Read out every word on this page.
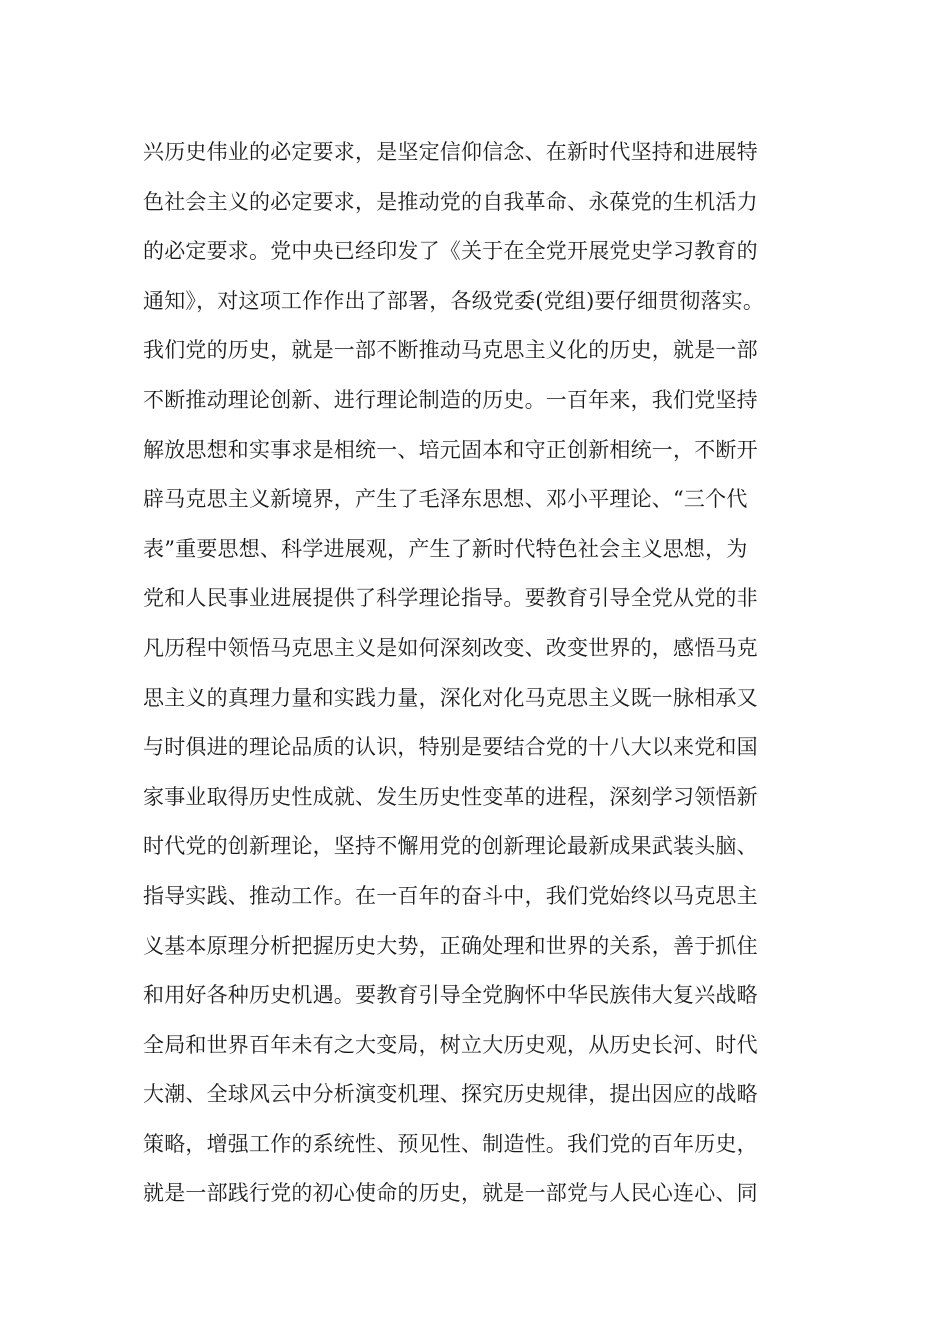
兴历史伟业的必定要求，是坚定信仰信念、在新时代坚持和进展特
色社会主义的必定要求，是推动党的自我革命、永葆党的生机活力
的必定要求。党中央已经印发了《关于在全党开展党史学习教育的
通知》，对这项工作作出了部署，各级党委(党组)要仔细贯彻落实。
我们党的历史，就是一部不断推动马克思主义化的历史，就是一部
不断推动理论创新、进行理论制造的历史。一百年来，我们党坚持
解放思想和实事求是相统一、培元固本和守正创新相统一，不断开
辟马克思主义新境界，产生了毛泽东思想、邓小平理论、“三个代
表”重要思想、科学进展观，产生了新时代特色社会主义思想，为
党和人民事业进展提供了科学理论指导。要教育引导全党从党的非
凡历程中领悟马克思主义是如何深刻改变、改变世界的，感悟马克
思主义的真理力量和实践力量，深化对化马克思主义既一脉相承又
与时俱进的理论品质的认识，特别是要结合党的十八大以来党和国
家事业取得历史性成就、发生历史性变革的进程，深刻学习领悟新
时代党的创新理论，坚持不懈用党的创新理论最新成果武装头脑、
指导实践、推动工作。在一百年的奋斗中，我们党始终以马克思主
义基本原理分析把握历史大势，正确处理和世界的关系，善于抓住
和用好各种历史机遇。要教育引导全党胸怀中华民族伟大复兴战略
全局和世界百年未有之大变局，树立大历史观，从历史长河、时代
大潮、全球风云中分析演变机理、探究历史规律，提出因应的战略
策略，增强工作的系统性、预见性、制造性。我们党的百年历史，
就是一部践行党的初心使命的历史，就是一部党与人民心连心、同
